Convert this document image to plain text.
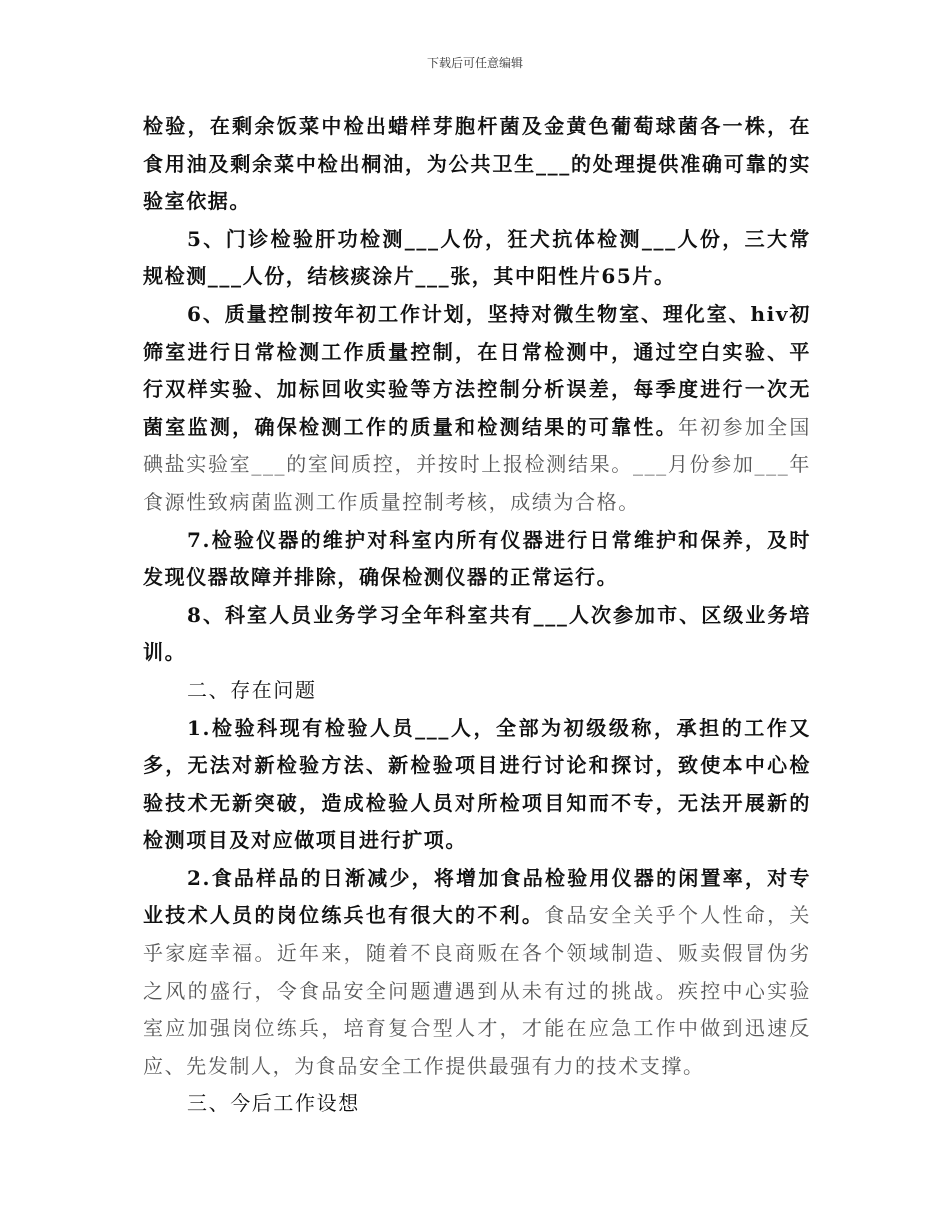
下载后可任意编辑

检验，在剩余饭菜中检出蜡样芽胞杆菌及金黄色葡萄球菌各一株，在食用油及剩余菜中检出桐油，为公共卫生___的处理提供准确可靠的实验室依据。

5、门诊检验肝功检测___人份，狂犬抗体检测___人份，三大常规检测___人份，结核痰涂片___张，其中阳性片65片。

6、质量控制按年初工作计划，坚持对微生物室、理化室、hiv初筛室进行日常检测工作质量控制，在日常检测中，通过空白实验、平行双样实验、加标回收实验等方法控制分析误差，每季度进行一次无菌室监测，确保检测工作的质量和检测结果的可靠性。年初参加全国碘盐实验室___的室间质控，并按时上报检测结果。___月份参加___年食源性致病菌监测工作质量控制考核，成绩为合格。

7.检验仪器的维护对科室内所有仪器进行日常维护和保养，及时发现仪器故障并排除，确保检测仪器的正常运行。

8、科室人员业务学习全年科室共有___人次参加市、区级业务培训。

二、存在问题

1.检验科现有检验人员___人，全部为初级级称，承担的工作又多，无法对新检验方法、新检验项目进行讨论和探讨，致使本中心检验技术无新突破，造成检验人员对所检项目知而不专，无法开展新的检测项目及对应做项目进行扩项。

2.食品样品的日渐减少，将增加食品检验用仪器的闲置率，对专业技术人员的岗位练兵也有很大的不利。食品安全关乎个人性命，关乎家庭幸福。近年来，随着不良商贩在各个领域制造、贩卖假冒伪劣之风的盛行，令食品安全问题遭遇到从未有过的挑战。疾控中心实验室应加强岗位练兵，培育复合型人才，才能在应急工作中做到迅速反应、先发制人，为食品安全工作提供最强有力的技术支撑。

三、今后工作设想
